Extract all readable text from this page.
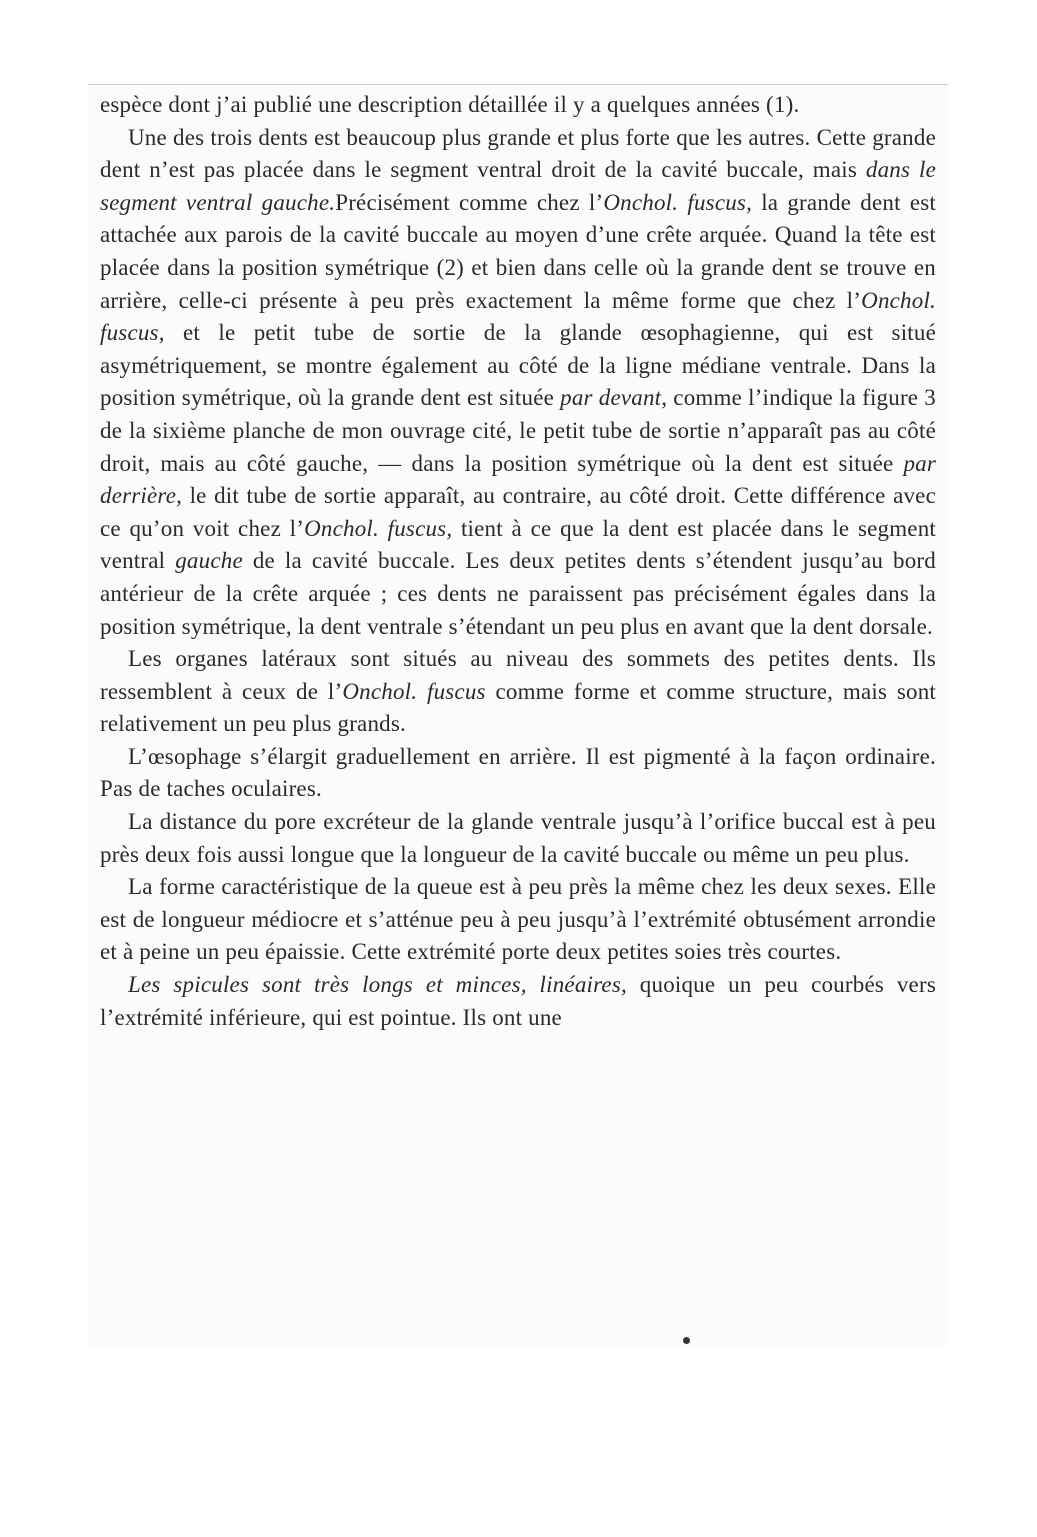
espèce dont j’ai publié une description détaillée il y a quelques années (1).

Une des trois dents est beaucoup plus grande et plus forte que les autres. Cette grande dent n’est pas placée dans le segment ventral droit de la cavité buccale, mais dans le segment ventral gauche.Précisément comme chez l’Onchol. fuscus, la grande dent est attachée aux parois de la cavité buccale au moyen d’une crête arquée. Quand la tête est placée dans la position symétrique (2) et bien dans celle où la grande dent se trouve en arrière, celle-ci présente à peu près exactement la même forme que chez l’Onchol. fuscus, et le petit tube de sortie de la glande œsophagienne, qui est situé asymétriquement, se montre également au côté de la ligne médiane ventrale. Dans la position symétrique, où la grande dent est située par devant, comme l’indique la figure 3 de la sixième planche de mon ouvrage cité, le petit tube de sortie n’apparaît pas au côté droit, mais au côté gauche, — dans la position symétrique où la dent est située par derrière, le dit tube de sortie apparaît, au contraire, au côté droit. Cette différence avec ce qu’on voit chez l’Onchol. fuscus, tient à ce que la dent est placée dans le segment ventral gauche de la cavité buccale. Les deux petites dents s’étendent jusqu’au bord antérieur de la crête arquée ; ces dents ne paraissent pas précisément égales dans la position symétrique, la dent ventrale s’étendant un peu plus en avant que la dent dorsale.

Les organes latéraux sont situés au niveau des sommets des petites dents. Ils ressemblent à ceux de l’Onchol. fuscus comme forme et comme structure, mais sont relativement un peu plus grands.

L’œsophage s’élargit graduellement en arrière. Il est pigmenté à la façon ordinaire. Pas de taches oculaires.

La distance du pore excréteur de la glande ventrale jusqu’à l’orifice buccal est à peu près deux fois aussi longue que la longueur de la cavité buccale ou même un peu plus.

La forme caractéristique de la queue est à peu près la même chez les deux sexes. Elle est de longueur médiocre et s’atténue peu à peu jusqu’à l’extrémité obtusément arrondie et à peine un peu épaissie. Cette extrémité porte deux petites soies très courtes.

Les spicules sont très longs et minces, linéaires, quoique un peu courbés vers l’extrémité inférieure, qui est pointue. Ils ont une
